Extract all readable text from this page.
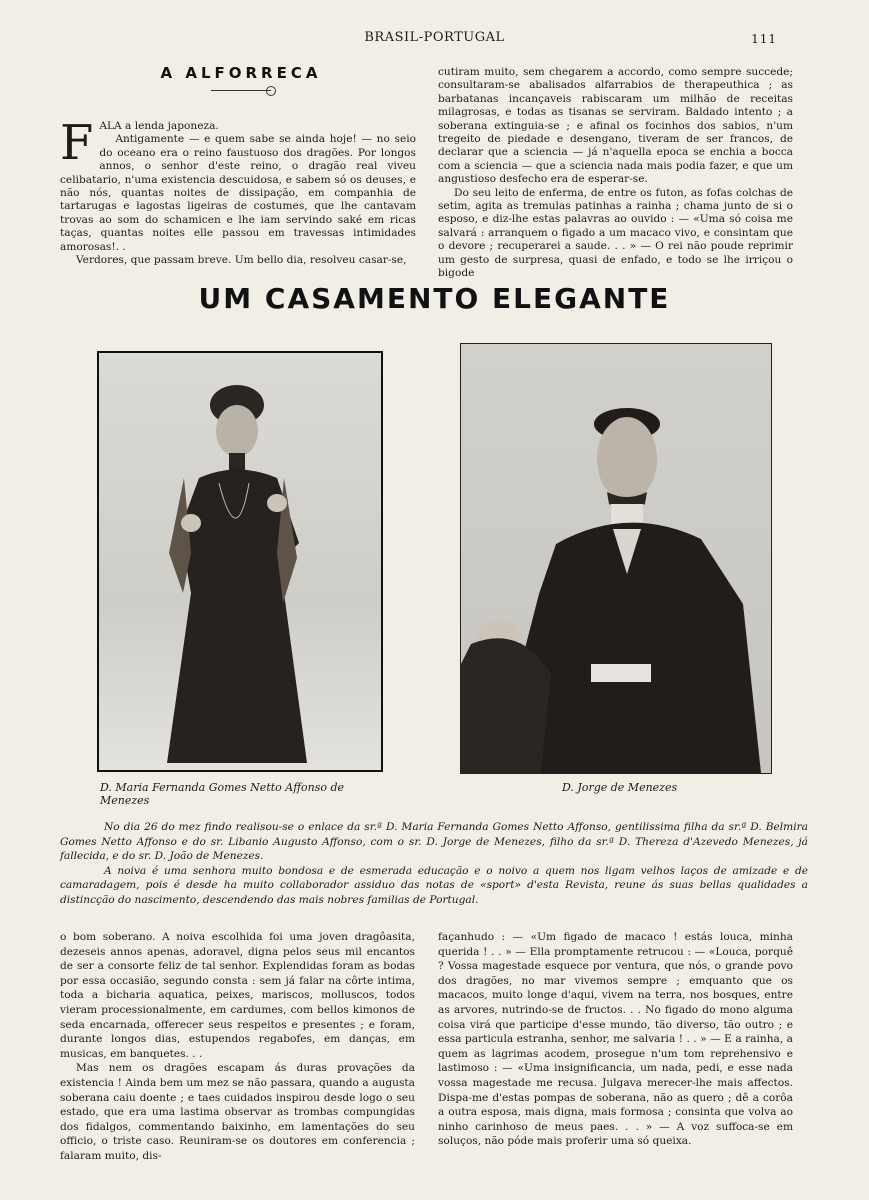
BRASIL-PORTUGAL	111
A ALFORRECA
F ALA a lenda japoneza.

Antigamente — e quem sabe se ainda hoje! — no seio do oceano era o reino faustuoso dos dragões. Por longos annos, o senhor d'este reino, o dragão real viveu celibatario, n'uma existencia descuidosa, e sabem só os deuses, e não nós, quantas noites de dissipação, em companhia de tartarugas e lagostas ligeiras de costumes, que lhe cantavam trovas ao som do schamicen e lhe iam servindo saké em ricas taças, quantas noites elle passou em travessas intimidades amorosas!. .

Verdores, que passam breve. Um bello dia, resolveu casar-se,

cutiram muito, sem chegarem a accordo, como sempre succede; consultaram-se abalisados alfarrabios de therapeuthica ; as barbatanas incançaveis rabiscaram um milhão de receitas milagrosas, e todas as tisanas se serviram. Baldado intento ; a soberana extinguia-se ; e afinal os focinhos dos sabios, n'um tregeito de piedade e desengano, tiveram de ser francos, de declarar que a sciencia — já n'aquella epoca se enchia a bocca com a sciencia — que a sciencia nada mais podia fazer, e que um angustioso desfecho era de esperar-se.

Do seu leito de enferma, de entre os futon, as fofas colchas de setim, agita as tremulas patinhas a rainha ; chama junto de si o esposo, e diz-lhe estas palavras ao ouvido : — «Uma só coisa me salvará : arranquem o figado a um macaco vivo, e consintam que o devore ; recuperarei a saude. . . » — O rei não poude reprimir um gesto de surpresa, quasi de enfado, e todo se lhe irriçou o bigode

UM CASAMENTO ELEGANTE
D. Maria Fernanda Gomes Netto Affonso de Menezes
D. Jorge de Menezes

No dia 26 do mez findo realisou-se o enlace da sr.ª D. Maria Fernanda Gomes Netto Affonso, gentilissima filha da sr.ª D. Belmira Gomes Netto Affonso e do sr. Libanio Augusto Affonso, com o sr. D. Jorge de Menezes, filho da sr.ª D. Thereza d'Azevedo Menezes, já fallecida, e do sr. D. João de Menezes.

A noiva é uma senhora muito bondosa e de esmerada educação e o noivo a quem nos ligam velhos laços de amizade e de camaradagem, pois é desde ha muito collaborador assiduo das notas de «sport» d'esta Revista, reune ás suas bellas qualidades a distincção do nascimento, descendendo das mais nobres familias de Portugal.

o bom soberano. A noiva escolhida foi uma joven dragôasita, dezeseis annos apenas, adoravel, digna pelos seus mil encantos de ser a consorte feliz de tal senhor. Explendidas foram as bodas por essa occasião, segundo consta : sem já falar na côrte intima, toda a bicharia aquatica, peixes, mariscos, molluscos, todos vieram processionalmente, em cardumes, com bellos kimonos de seda encarnada, offerecer seus respeitos e presentes ; e foram, durante longos dias, estupendos regabofes, em danças, em musicas, em banquetes. . .

Mas nem os dragões escapam ás duras provações da existencia ! Ainda bem um mez se não passara, quando a augusta soberana caiu doente ; e taes cuidados inspirou desde logo o seu estado, que era uma lastima observar as trombas compungidas dos fidalgos, commentando baixinho, em lamentações do seu officio, o triste caso. Reuniram-se os doutores em conferencia ; falaram muito, dis-

façanhudo : — «Um figado de macaco ! estás louca, minha querida ! . . » — Ella promptamente retrucou : — «Louca, porquê ? Vossa magestade esquece por ventura, que nós, o grande povo dos dragões, no mar vivemos sempre ; emquanto que os macacos, muito longe d'aqui, vivem na terra, nos bosques, entre as arvores, nutrindo-se de fructos. . . No figado do mono alguma coisa virá que participe d'esse mundo, tão diverso, tão outro ; e essa particula estranha, senhor, me salvaria ! . . » — E a rainha, a quem as lagrimas acodem, prosegue n'um tom reprehensivo e lastimoso : — «Uma insignificancia, um nada, pedi, e esse nada vossa magestade me recusa. Julgava merecer-lhe mais affectos. Dispa-me d'estas pompas de soberana, não as quero ; dê a corôa a outra esposa, mais digna, mais formosa ; consinta que volva ao ninho carinhoso de meus paes. . . » — A voz suffoca-se em soluços, não póde mais proferir uma só queixa.
